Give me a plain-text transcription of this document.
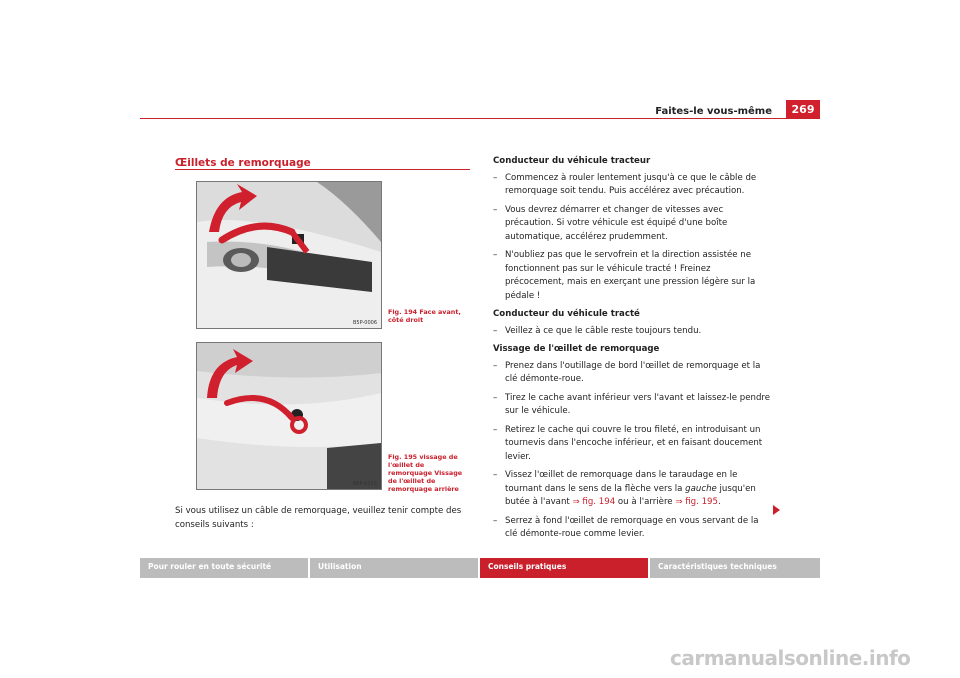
Faites-le vous-même	269
Œillets de remorquage
B5P-0006
Fig. 194 Face avant, côté droit
B5P-0115
Fig. 195 vissage de l'œillet de remorquage Vissage de l'œillet de remorquage arrière
Si vous utilisez un câble de remorquage, veuillez tenir compte des conseils suivants :
Conducteur du véhicule tracteur
– Commencez à rouler lentement jusqu'à ce que le câble de remorquage soit tendu. Puis accélérez avec précaution.
– Vous devrez démarrer et changer de vitesses avec précaution. Si votre véhicule est équipé d'une boîte automatique, accélérez prudemment.
– N'oubliez pas que le servofrein et la direction assistée ne fonctionnent pas sur le véhicule tracté ! Freinez précocement, mais en exerçant une pression légère sur la pédale !
Conducteur du véhicule tracté
– Veillez à ce que le câble reste toujours tendu.
Vissage de l'œillet de remorquage
– Prenez dans l'outillage de bord l'œillet de remorquage et la clé démonte-roue.
– Tirez le cache avant inférieur vers l'avant et laissez-le pendre sur le véhicule.
– Retirez le cache qui couvre le trou fileté, en introduisant un tournevis dans l'encoche inférieur, et en faisant doucement levier.
– Vissez l'œillet de remorquage dans le taraudage en le tournant dans le sens de la flèche vers la gauche jusqu'en butée à l'avant ⇒ fig. 194 ou à l'arrière ⇒ fig. 195.
– Serrez à fond l'œillet de remorquage en vous servant de la clé démonte-roue comme levier.
Pour rouler en toute sécurité	Utilisation	Conseils pratiques	Caractéristiques techniques
carmanualsonline.info
